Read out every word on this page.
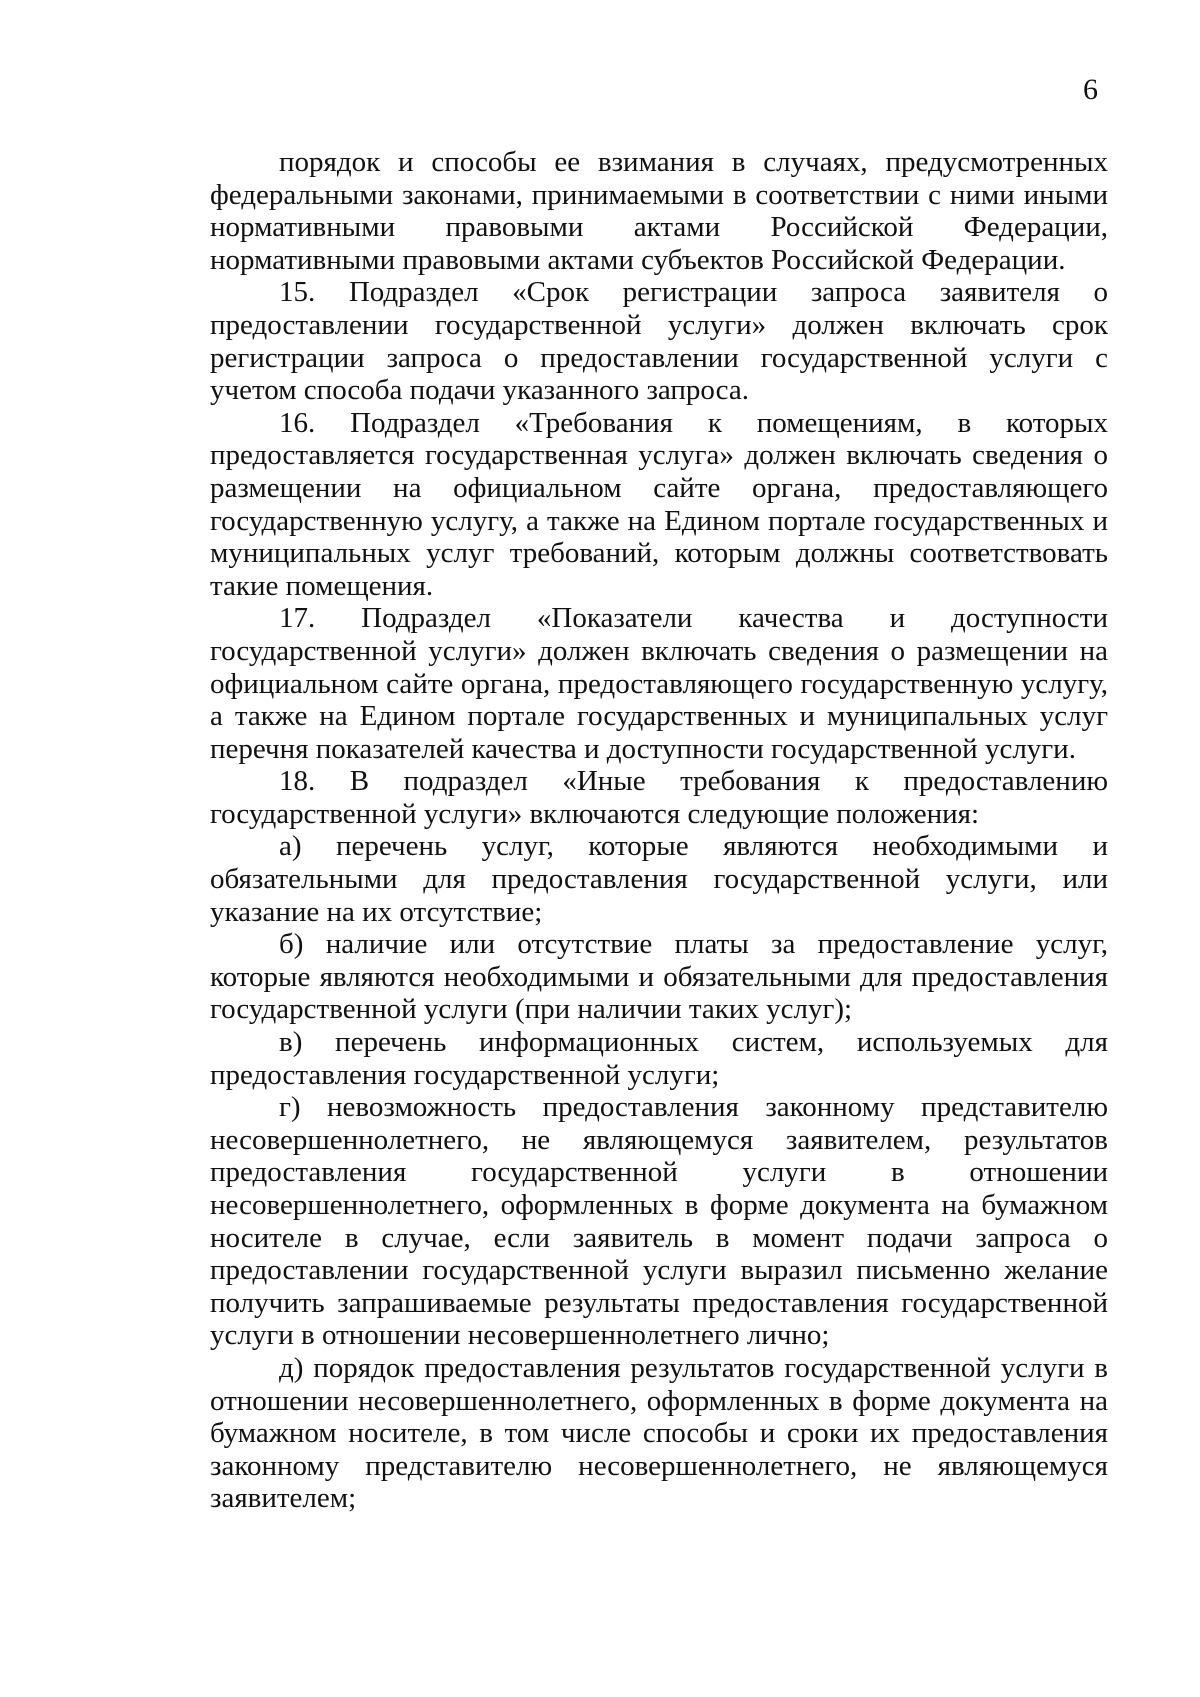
6

порядок и способы ее взимания в случаях, предусмотренных федеральными законами, принимаемыми в соответствии с ними иными нормативными правовыми актами Российской Федерации, нормативными правовыми актами субъектов Российской Федерации.

15. Подраздел «Срок регистрации запроса заявителя о предоставлении государственной услуги» должен включать срок регистрации запроса о предоставлении государственной услуги с учетом способа подачи указанного запроса.

16. Подраздел «Требования к помещениям, в которых предоставляется государственная услуга» должен включать сведения о размещении на официальном сайте органа, предоставляющего государственную услугу, а также на Едином портале государственных и муниципальных услуг требований, которым должны соответствовать такие помещения.

17. Подраздел «Показатели качества и доступности государственной услуги» должен включать сведения о размещении на официальном сайте органа, предоставляющего государственную услугу, а также на Едином портале государственных и муниципальных услуг перечня показателей качества и доступности государственной услуги.

18. В подраздел «Иные требования к предоставлению государственной услуги» включаются следующие положения:

а) перечень услуг, которые являются необходимыми и обязательными для предоставления государственной услуги, или указание на их отсутствие;

б) наличие или отсутствие платы за предоставление услуг, которые являются необходимыми и обязательными для предоставления государственной услуги (при наличии таких услуг);

в) перечень информационных систем, используемых для предоставления государственной услуги;

г) невозможность предоставления законному представителю несовершеннолетнего, не являющемуся заявителем, результатов предоставления государственной услуги в отношении несовершеннолетнего, оформленных в форме документа на бумажном носителе в случае, если заявитель в момент подачи запроса о предоставлении государственной услуги выразил письменно желание получить запрашиваемые результаты предоставления государственной услуги в отношении несовершеннолетнего лично;

д) порядок предоставления результатов государственной услуги в отношении несовершеннолетнего, оформленных в форме документа на бумажном носителе, в том числе способы и сроки их предоставления законному представителю несовершеннолетнего, не являющемуся заявителем;
